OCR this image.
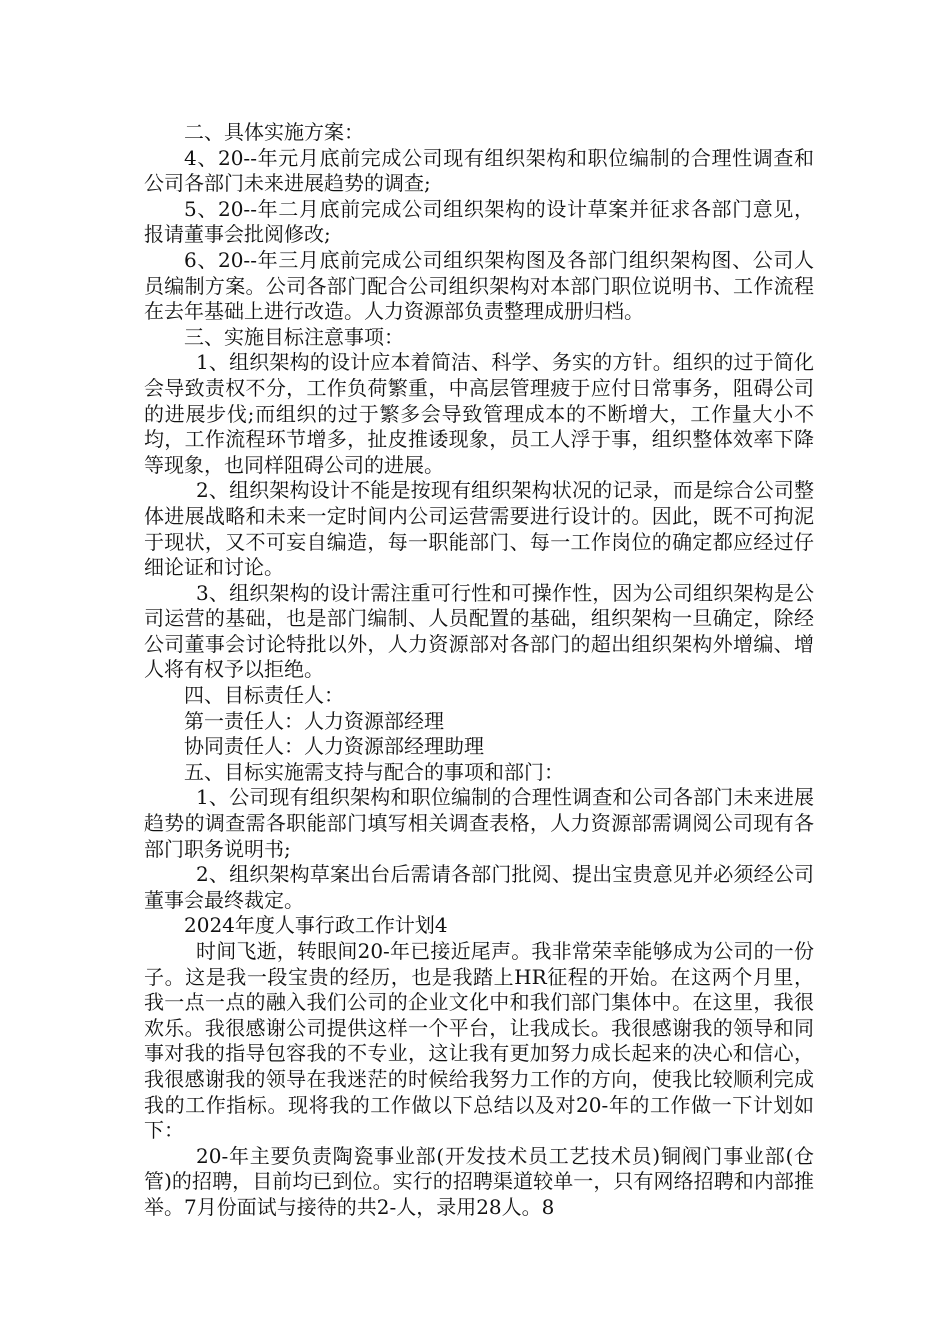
二、具体实施方案：

4、20--年元月底前完成公司现有组织架构和职位编制的合理性调查和公司各部门未来进展趋势的调查;

5、20--年二月底前完成公司组织架构的设计草案并征求各部门意见，报请董事会批阅修改;

6、20--年三月底前完成公司组织架构图及各部门组织架构图、公司人员编制方案。公司各部门配合公司组织架构对本部门职位说明书、工作流程在去年基础上进行改造。人力资源部负责整理成册归档。

三、实施目标注意事项：

1、组织架构的设计应本着简洁、科学、务实的方针。组织的过于简化会导致责权不分，工作负荷繁重，中高层管理疲于应付日常事务，阻碍公司的进展步伐;而组织的过于繁多会导致管理成本的不断增大，工作量大小不均，工作流程环节增多，扯皮推诿现象，员工人浮于事，组织整体效率下降等现象，也同样阻碍公司的进展。

2、组织架构设计不能是按现有组织架构状况的记录，而是综合公司整体进展战略和未来一定时间内公司运营需要进行设计的。因此，既不可拘泥于现状，又不可妄自编造，每一职能部门、每一工作岗位的确定都应经过仔细论证和讨论。

3、组织架构的设计需注重可行性和可操作性，因为公司组织架构是公司运营的基础，也是部门编制、人员配置的基础，组织架构一旦确定，除经公司董事会讨论特批以外，人力资源部对各部门的超出组织架构外增编、增人将有权予以拒绝。

四、目标责任人：

第一责任人：人力资源部经理

协同责任人：人力资源部经理助理

五、目标实施需支持与配合的事项和部门：

1、公司现有组织架构和职位编制的合理性调查和公司各部门未来进展趋势的调查需各职能部门填写相关调查表格，人力资源部需调阅公司现有各部门职务说明书;

2、组织架构草案出台后需请各部门批阅、提出宝贵意见并必须经公司董事会最终裁定。

2024年度人事行政工作计划4

时间飞逝，转眼间20-年已接近尾声。我非常荣幸能够成为公司的一份子。这是我一段宝贵的经历，也是我踏上HR征程的开始。在这两个月里，我一点一点的融入我们公司的企业文化中和我们部门集体中。在这里，我很欢乐。我很感谢公司提供这样一个平台，让我成长。我很感谢我的领导和同事对我的指导包容我的不专业，这让我有更加努力成长起来的决心和信心，我很感谢我的领导在我迷茫的时候给我努力工作的方向，使我比较顺利完成我的工作指标。现将我的工作做以下总结以及对20-年的工作做一下计划如下：

20-年主要负责陶瓷事业部(开发技术员工艺技术员)铜阀门事业部(仓管)的招聘，目前均已到位。实行的招聘渠道较单一，只有网络招聘和内部推举。7月份面试与接待的共2-人，录用28人。8
